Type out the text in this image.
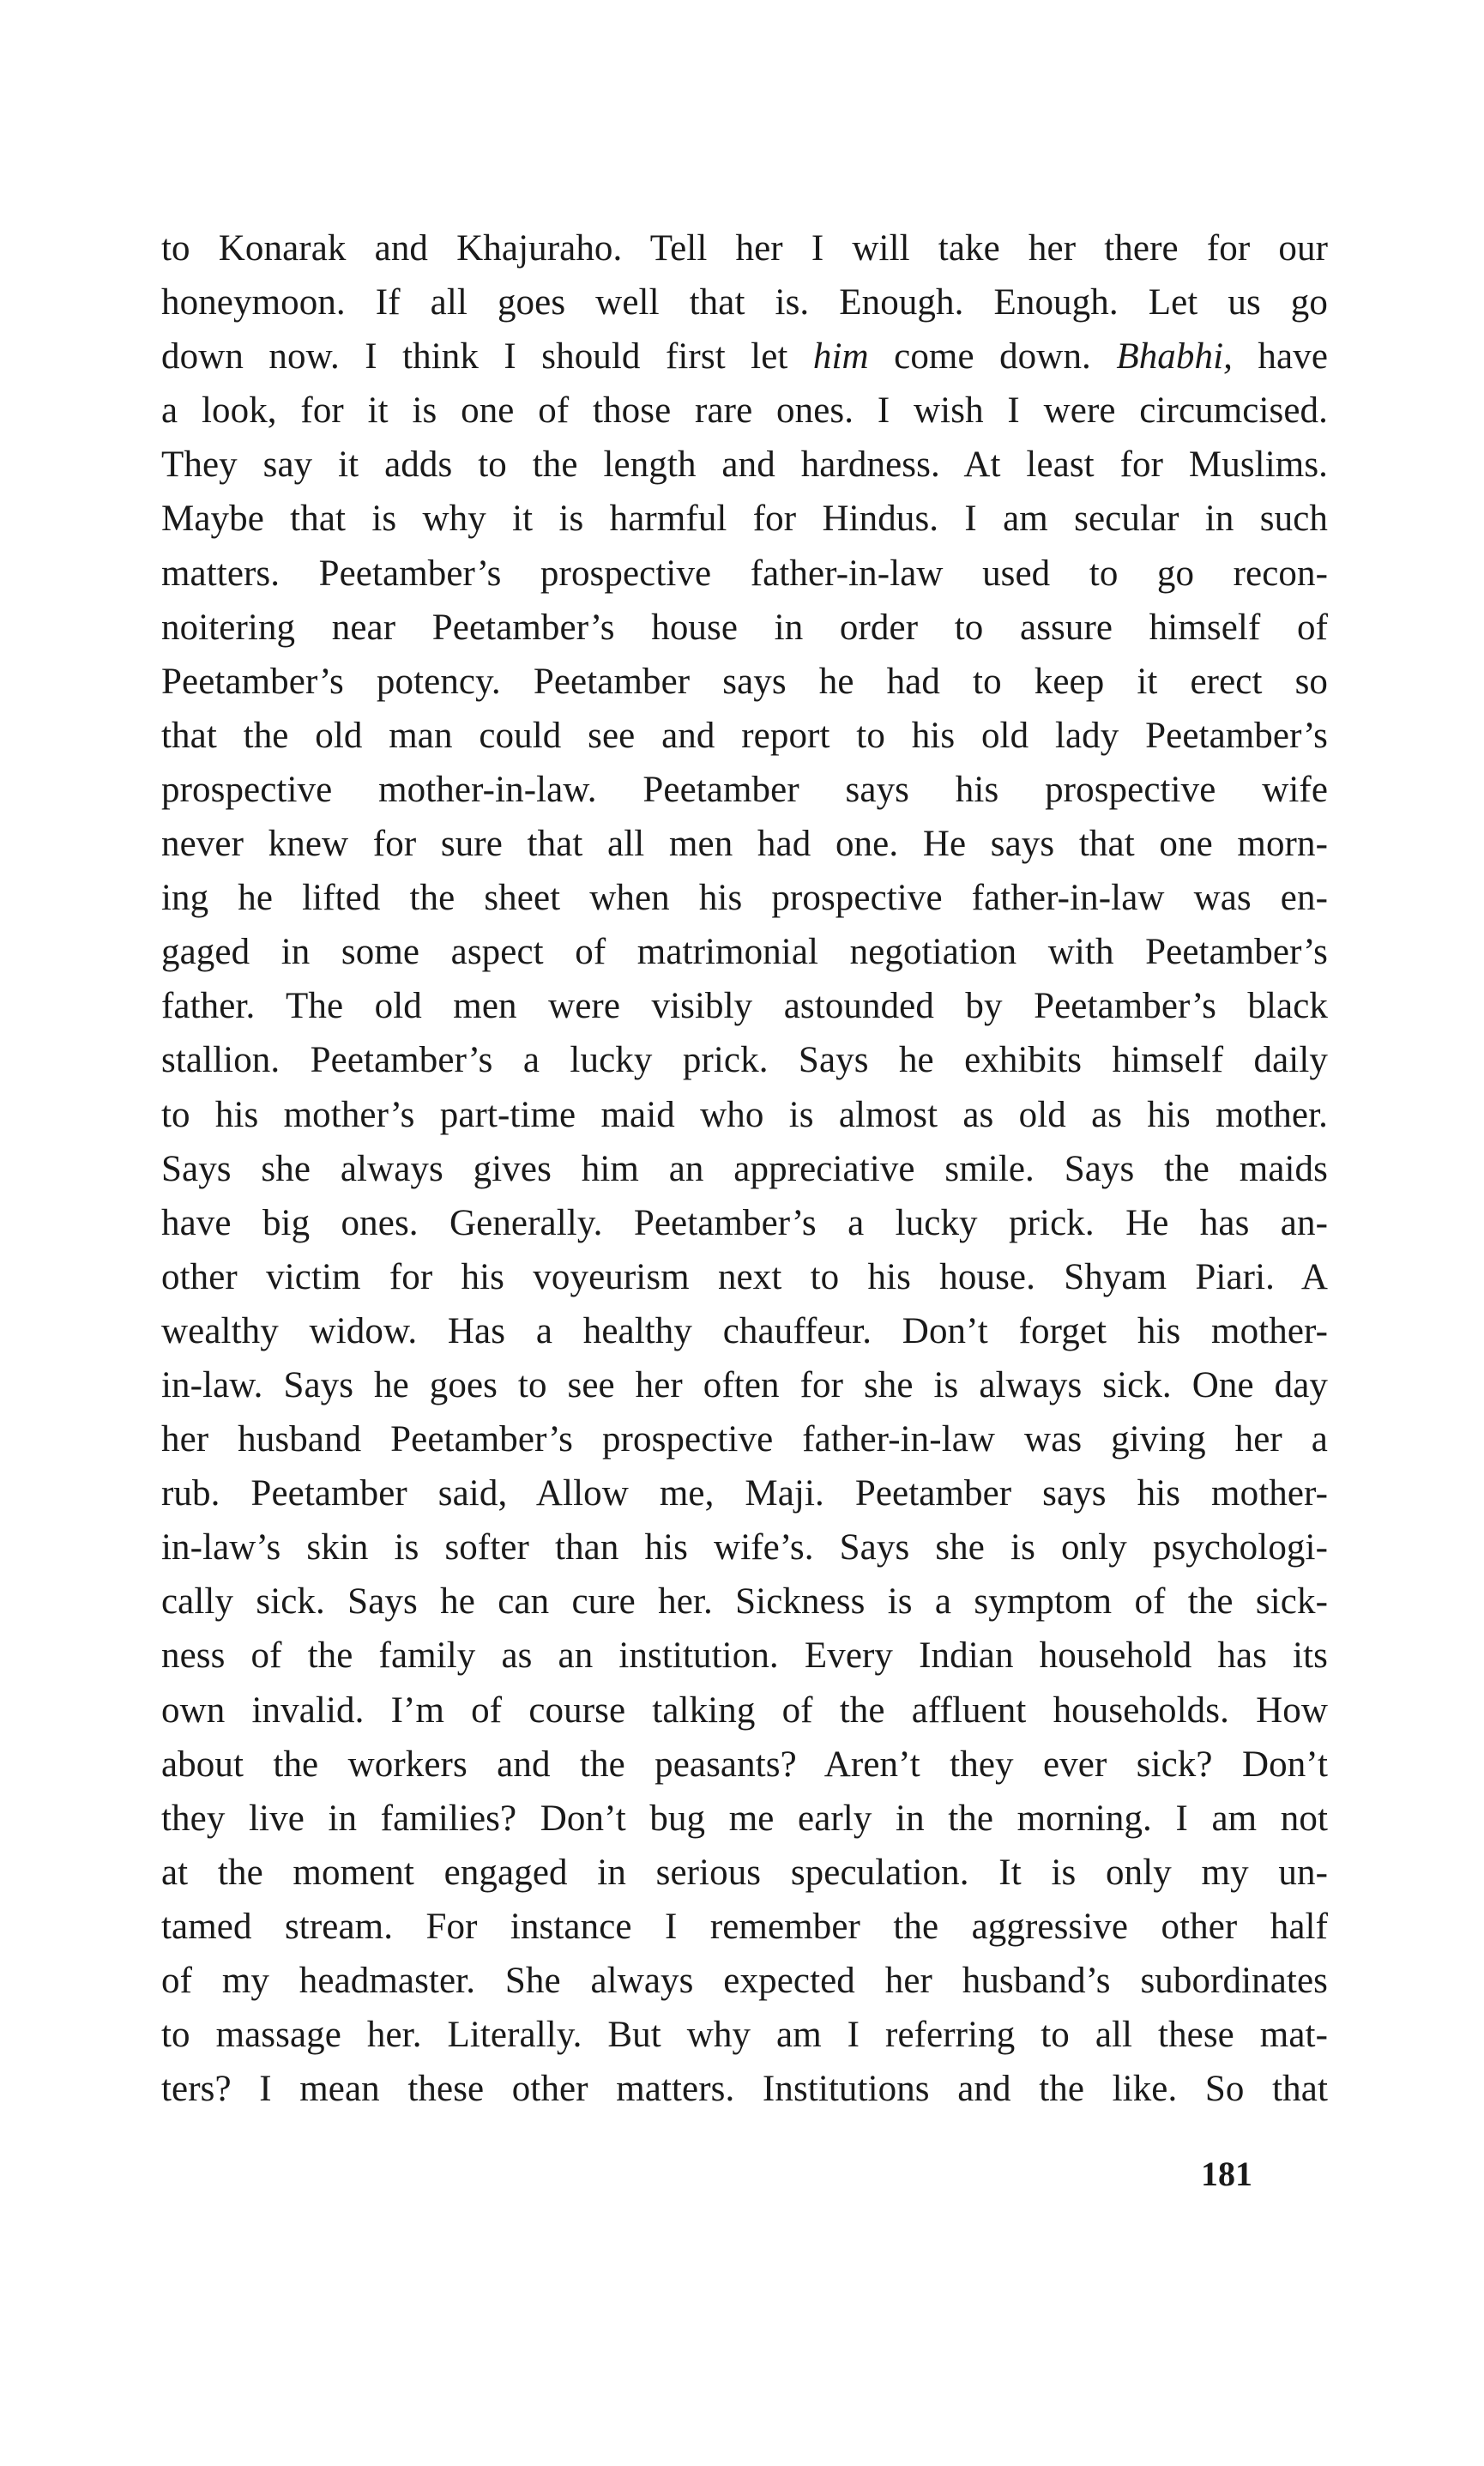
to Konarak and Khajuraho. Tell her I will take her there for our
honeymoon. If all goes well that is. Enough. Enough. Let us go
down now. I think I should first let him come down. Bhabhi, have
a look, for it is one of those rare ones. I wish I were circumcised.
They say it adds to the length and hardness. At least for Muslims.
Maybe that is why it is harmful for Hindus. I am secular in such
matters. Peetamber’s prospective father-in-law used to go recon-
noitering near Peetamber’s house in order to assure himself of
Peetamber’s potency. Peetamber says he had to keep it erect so
that the old man could see and report to his old lady Peetamber’s
prospective mother-in-law. Peetamber says his prospective wife
never knew for sure that all men had one. He says that one morn-
ing he lifted the sheet when his prospective father-in-law was en-
gaged in some aspect of matrimonial negotiation with Peetamber’s
father. The old men were visibly astounded by Peetamber’s black
stallion. Peetamber’s a lucky prick. Says he exhibits himself daily
to his mother’s part-time maid who is almost as old as his mother.
Says she always gives him an appreciative smile. Says the maids
have big ones. Generally. Peetamber’s a lucky prick. He has an-
other victim for his voyeurism next to his house. Shyam Piari. A
wealthy widow. Has a healthy chauffeur. Don’t forget his mother-
in-law. Says he goes to see her often for she is always sick. One day
her husband Peetamber’s prospective father-in-law was giving her a
rub. Peetamber said, Allow me, Maji. Peetamber says his mother-
in-law’s skin is softer than his wife’s. Says she is only psychologi-
cally sick. Says he can cure her. Sickness is a symptom of the sick-
ness of the family as an institution. Every Indian household has its
own invalid. I’m of course talking of the affluent households. How
about the workers and the peasants? Aren’t they ever sick? Don’t
they live in families? Don’t bug me early in the morning. I am not
at the moment engaged in serious speculation. It is only my un-
tamed stream. For instance I remember the aggressive other half
of my headmaster. She always expected her husband’s subordinates
to massage her. Literally. But why am I referring to all these mat-
ters? I mean these other matters. Institutions and the like. So that
181
